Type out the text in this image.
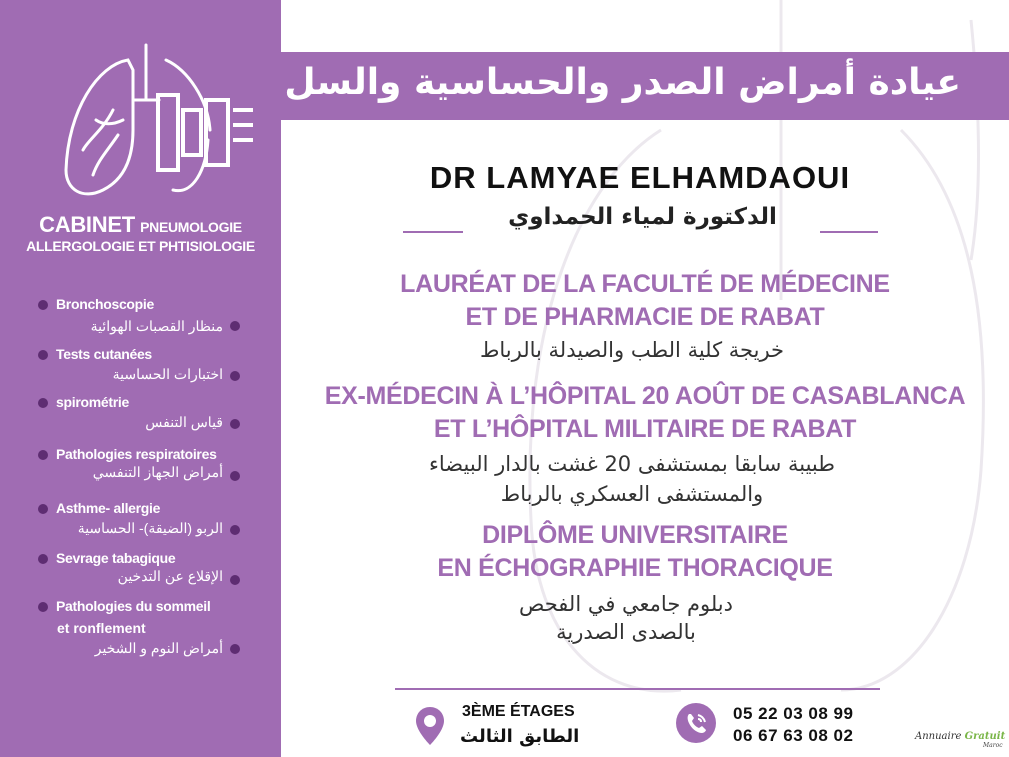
LEH
CABINET PNEUMOLOGIE
ALLERGOLOGIE ET PHTISIOLOGIE
Bronchoscopie
منظار القصبات الهوائية
Tests cutanées
اختبارات الحساسية
spirométrie
قياس التنفس
Pathologies respiratoires
أمراض الجهاز التنفسي
Asthme- allergie
الربو (الضيقة)- الحساسية
Sevrage tabagique
الإقلاع عن التدخين
Pathologies du sommeil
et ronflement
أمراض النوم و الشخير
عيادة أمراض الصدر والحساسية والسل
DR LAMYAE ELHAMDAOUI
الدكتورة لمياء الحمداوي
LAURÉAT DE LA FACULTÉ DE MÉDECINE
ET DE PHARMACIE DE RABAT
خريجة كلية الطب والصيدلة بالرباط
EX-MÉDECIN À L’HÔPITAL 20 AOÛT DE CASABLANCA
ET L’HÔPITAL MILITAIRE DE RABAT
طبيبة سابقا بمستشفى 20 غشت بالدار البيضاء
والمستشفى العسكري بالرباط
DIPLÔME UNIVERSITAIRE
EN ÉCHOGRAPHIE THORACIQUE
دبلوم جامعي في الفحص
بالصدى الصدرية
3ÈME ÉTAGES
الطابق الثالث
05 22 03 08 99
06 67 63 08 02	Annuaire Gratuit
Maroc
